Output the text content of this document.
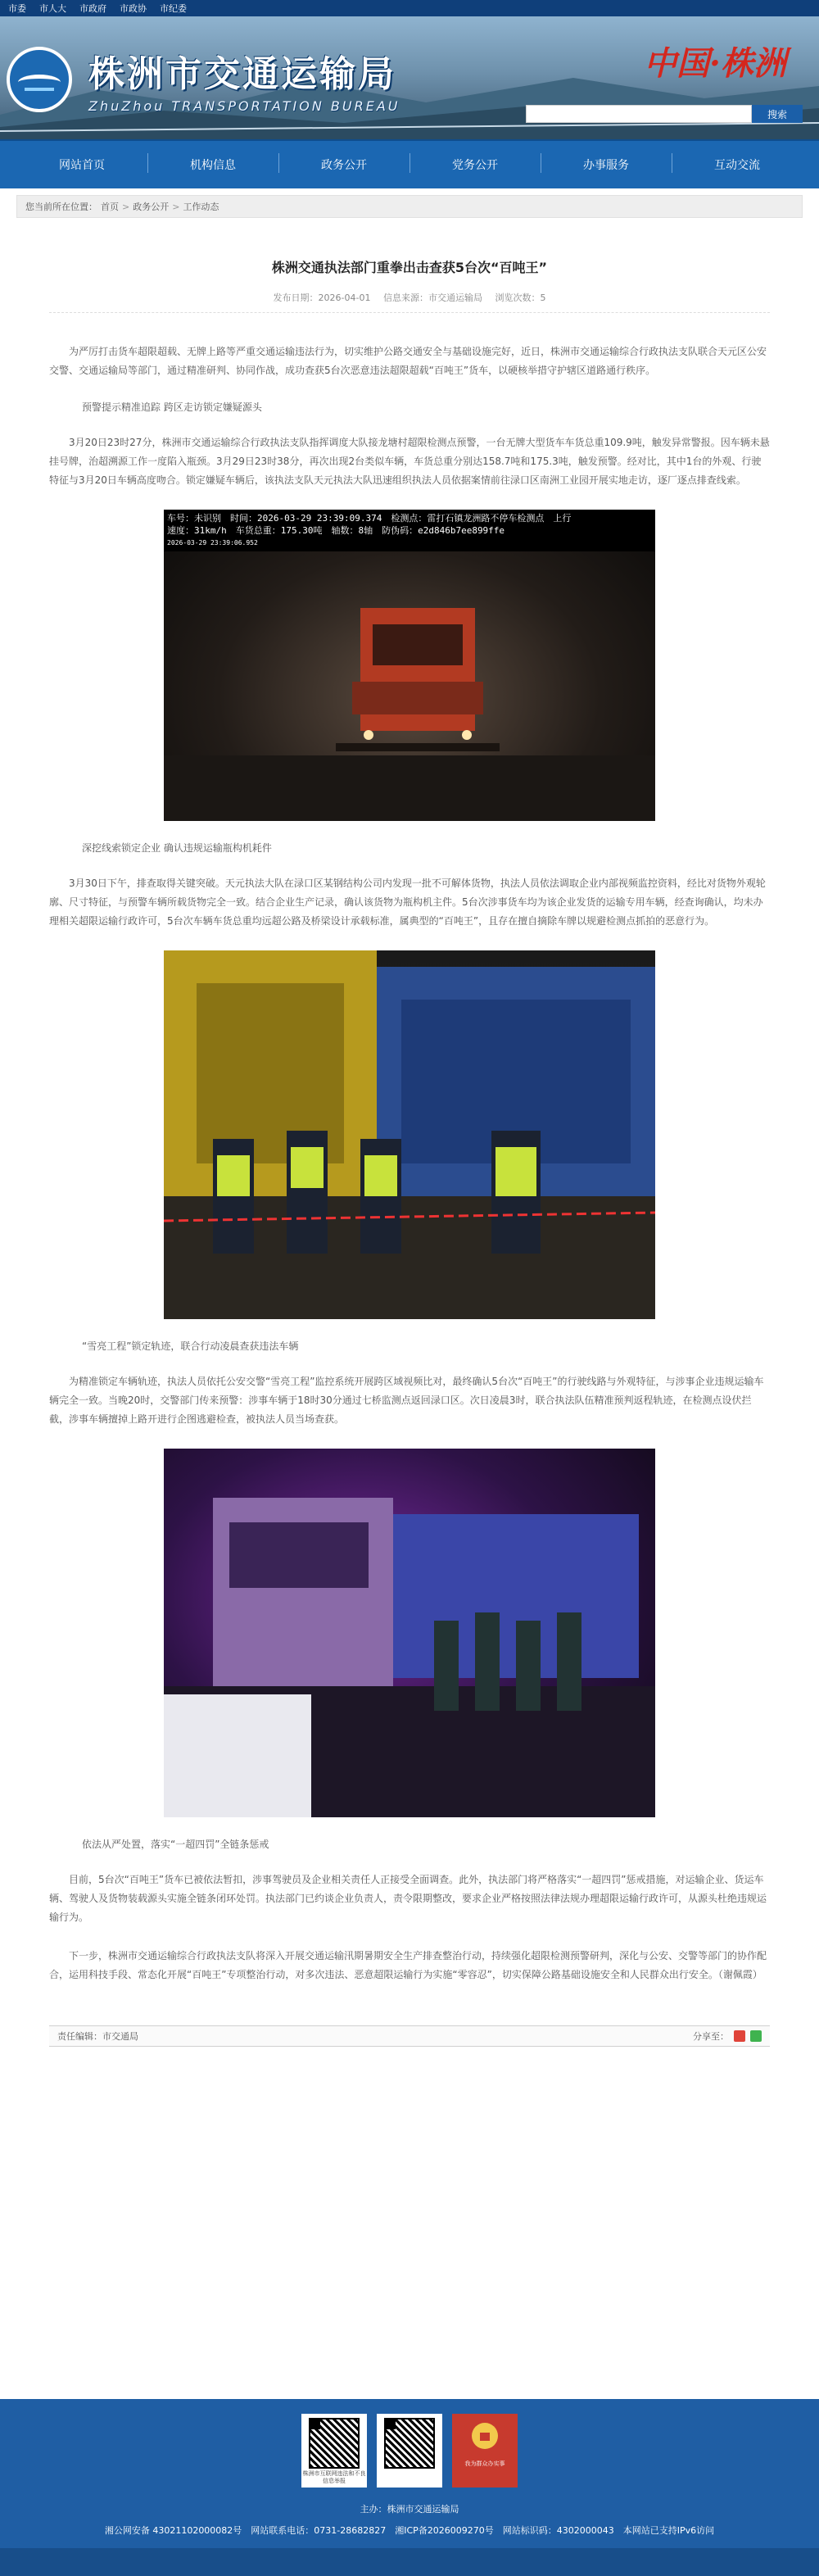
市委 市人大 市政府 市政协 市纪委
株洲市交通运输局
ZhuZhou TRANSPORTATION BUREAU
中国·株洲
搜索
网站首页	机构信息	政务公开	党务公开	办事服务	互动交流
您当前所在位置： 首页 > 政务公开 > 工作动态
株洲交通执法部门重拳出击查获5台次“百吨王”
发布日期：2026-04-01 信息来源：市交通运输局 浏览次数：5

为严厉打击货车超限超载、无牌上路等严重交通运输违法行为，切实维护公路交通安全与基础设施完好，近日，株洲市交通运输综合行政执法支队联合天元区公安交警、交通运输局等部门，通过精准研判、协同作战，成功查获5台次恶意违法超限超载“百吨王”货车，以硬核举措守护辖区道路通行秩序。

预警提示精准追踪 跨区走访锁定嫌疑源头

3月20日23时27分，株洲市交通运输综合行政执法支队指挥调度大队接龙塘村超限检测点预警，一台无牌大型货车车货总重109.9吨，触发异常警报。因车辆未悬挂号牌，治超溯源工作一度陷入瓶颈。3月29日23时38分，再次出现2台类似车辆，车货总重分别达158.7吨和175.3吨，触发预警。经对比，其中1台的外观、行驶特征与3月20日车辆高度吻合。锁定嫌疑车辆后，该执法支队天元执法大队迅速组织执法人员依据案情前往渌口区南洲工业园开展实地走访，逐厂逐点排查线索。

车号：未识别　时间：2026-03-29 23:39:09.374　检测点：雷打石镇龙洲路不停车检测点　上行
速度：31km/h　车货总重：175.30吨　轴数：8轴　防伪码：e2d846b7ee899ffe
2026-03-29 23:39:06.952

深挖线索锁定企业 确认违规运输瓶构机耗件

3月30日下午，排查取得关键突破。天元执法大队在渌口区某钢结构公司内发现一批不可解体货物，执法人员依法调取企业内部视频监控资料，经比对货物外观轮廓、尺寸特征，与预警车辆所载货物完全一致。结合企业生产记录，确认该货物为瓶构机主件。5台次涉事货车均为该企业发货的运输专用车辆，经查询确认，均未办理相关超限运输行政许可，5台次车辆车货总重均远超公路及桥梁设计承载标准，属典型的“百吨王”，且存在擅自摘除车牌以规避检测点抓拍的恶意行为。

“雪亮工程”锁定轨迹，联合行动凌晨查获违法车辆

为精准锁定车辆轨迹，执法人员依托公安交警“雪亮工程”监控系统开展跨区域视频比对，最终确认5台次“百吨王”的行驶线路与外观特征，与涉事企业违规运输车辆完全一致。当晚20时，交警部门传来预警：涉事车辆于18时30分通过七桥监测点返回渌口区。次日凌晨3时，联合执法队伍精准预判返程轨迹，在检测点设伏拦截，涉事车辆擅掉上路开进行企图逃避检查，被执法人员当场查获。

依法从严处置，落实“一超四罚”全链条惩戒

目前，5台次“百吨王”货车已被依法暂扣，涉事驾驶员及企业相关责任人正接受全面调查。此外，执法部门将严格落实“一超四罚”惩戒措施，对运输企业、货运车辆、驾驶人及货物装载源头实施全链条闭环处罚。执法部门已约谈企业负责人，责令限期整改，要求企业严格按照法律法规办理超限运输行政许可，从源头杜绝违规运输行为。

下一步，株洲市交通运输综合行政执法支队将深入开展交通运输汛期暑期安全生产排查整治行动，持续强化超限检测预警研判，深化与公安、交警等部门的协作配合，运用科技手段、常态化开展“百吨王”专项整治行动，对多次违法、恶意超限运输行为实施“零容忍”，切实保障公路基础设施安全和人民群众出行安全。（谢佩霞）

责任编辑：市交通局	分享至：
株洲市互联网违法和不良信息举报
我为群众办实事
主办：株洲市交通运输局
湘公网安备 43021102000082号　网站联系电话：0731-28682827　湘ICP备2026009270号　网站标识码：4302000043　本网站已支持IPv6访问
